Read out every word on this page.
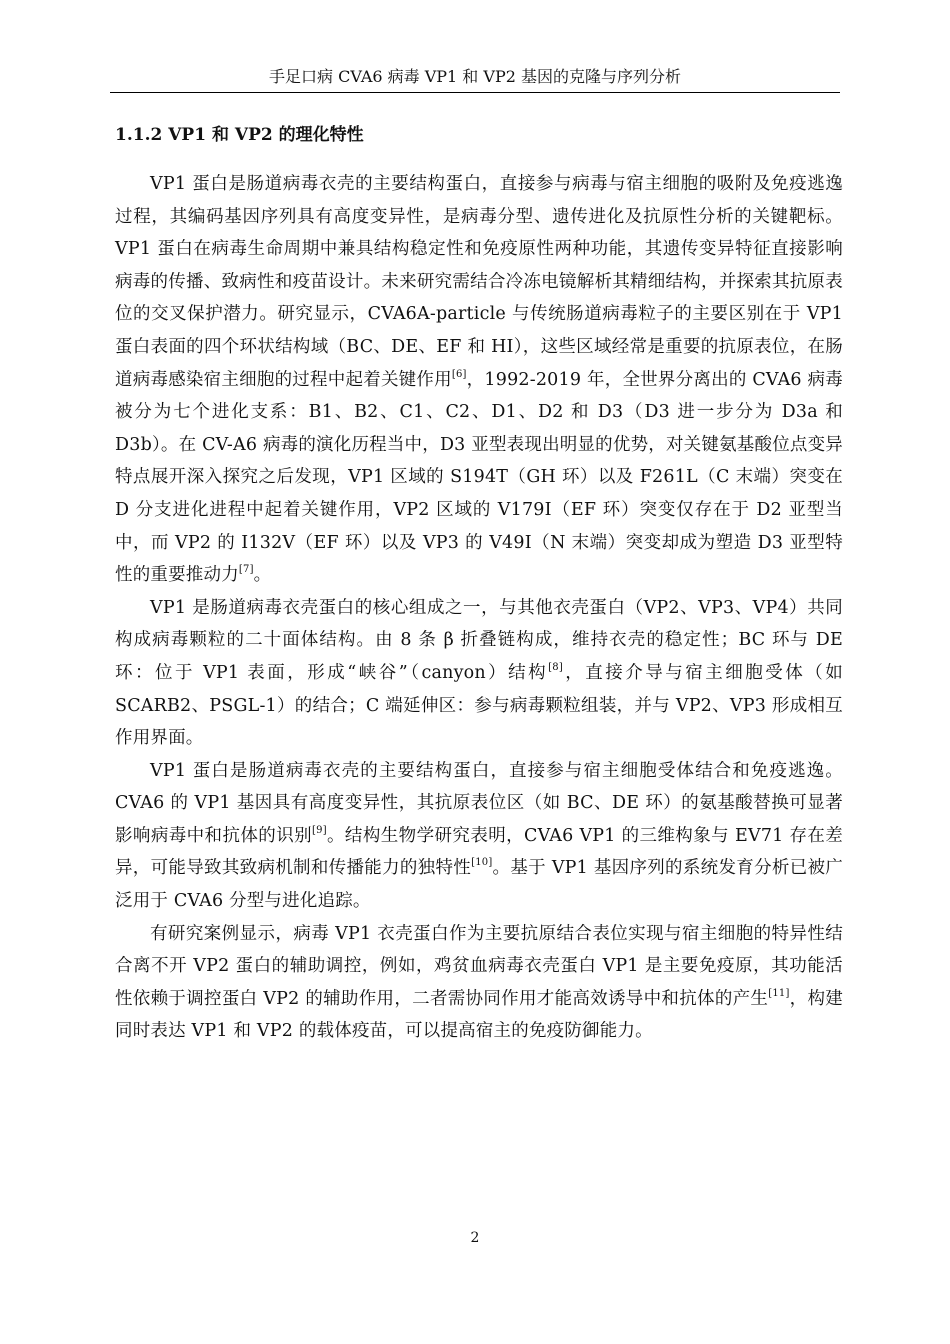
手足口病 CVA6 病毒 VP1 和 VP2 基因的克隆与序列分析
1.1.2 VP1 和 VP2 的理化特性

VP1 蛋白是肠道病毒衣壳的主要结构蛋白，直接参与病毒与宿主细胞的吸附及免疫逃逸过程，其编码基因序列具有高度变异性，是病毒分型、遗传进化及抗原性分析的关键靶标。VP1 蛋白在病毒生命周期中兼具结构稳定性和免疫原性两种功能，其遗传变异特征直接影响病毒的传播、致病性和疫苗设计。未来研究需结合冷冻电镜解析其精细结构，并探索其抗原表位的交叉保护潜力。研究显示，CVA6A-particle 与传统肠道病毒粒子的主要区别在于 VP1 蛋白表面的四个环状结构域（BC、DE、EF 和 HI），这些区域经常是重要的抗原表位，在肠道病毒感染宿主细胞的过程中起着关键作用[6]，1992-2019 年，全世界分离出的 CVA6 病毒被分为七个进化支系：B1、B2、C1、C2、D1、D2 和 D3（D3 进一步分为 D3a 和 D3b）。在 CV-A6 病毒的演化历程当中，D3 亚型表现出明显的优势，对关键氨基酸位点变异特点展开深入探究之后发现，VP1 区域的 S194T（GH 环）以及 F261L（C 末端）突变在 D 分支进化进程中起着关键作用，VP2 区域的 V179I（EF 环）突变仅存在于 D2 亚型当中，而 VP2 的 I132V（EF 环）以及 VP3 的 V49I（N 末端）突变却成为塑造 D3 亚型特性的重要推动力[7]。

VP1 是肠道病毒衣壳蛋白的核心组成之一，与其他衣壳蛋白（VP2、VP3、VP4）共同构成病毒颗粒的二十面体结构。由 8 条 β 折叠链构成，维持衣壳的稳定性；BC 环与 DE 环：位于 VP1 表面，形成“峡谷”（canyon）结构[8]，直接介导与宿主细胞受体（如 SCARB2、PSGL-1）的结合；C 端延伸区：参与病毒颗粒组装，并与 VP2、VP3 形成相互作用界面。

VP1 蛋白是肠道病毒衣壳的主要结构蛋白，直接参与宿主细胞受体结合和免疫逃逸。CVA6 的 VP1 基因具有高度变异性，其抗原表位区（如 BC、DE 环）的氨基酸替换可显著影响病毒中和抗体的识别[9]。结构生物学研究表明，CVA6 VP1 的三维构象与 EV71 存在差异，可能导致其致病机制和传播能力的独特性[10]。基于 VP1 基因序列的系统发育分析已被广泛用于 CVA6 分型与进化追踪。

有研究案例显示，病毒 VP1 衣壳蛋白作为主要抗原结合表位实现与宿主细胞的特异性结合离不开 VP2 蛋白的辅助调控，例如，鸡贫血病毒衣壳蛋白 VP1 是主要免疫原，其功能活性依赖于调控蛋白 VP2 的辅助作用，二者需协同作用才能高效诱导中和抗体的产生[11]，构建同时表达 VP1 和 VP2 的载体疫苗，可以提高宿主的免疫防御能力。

2
